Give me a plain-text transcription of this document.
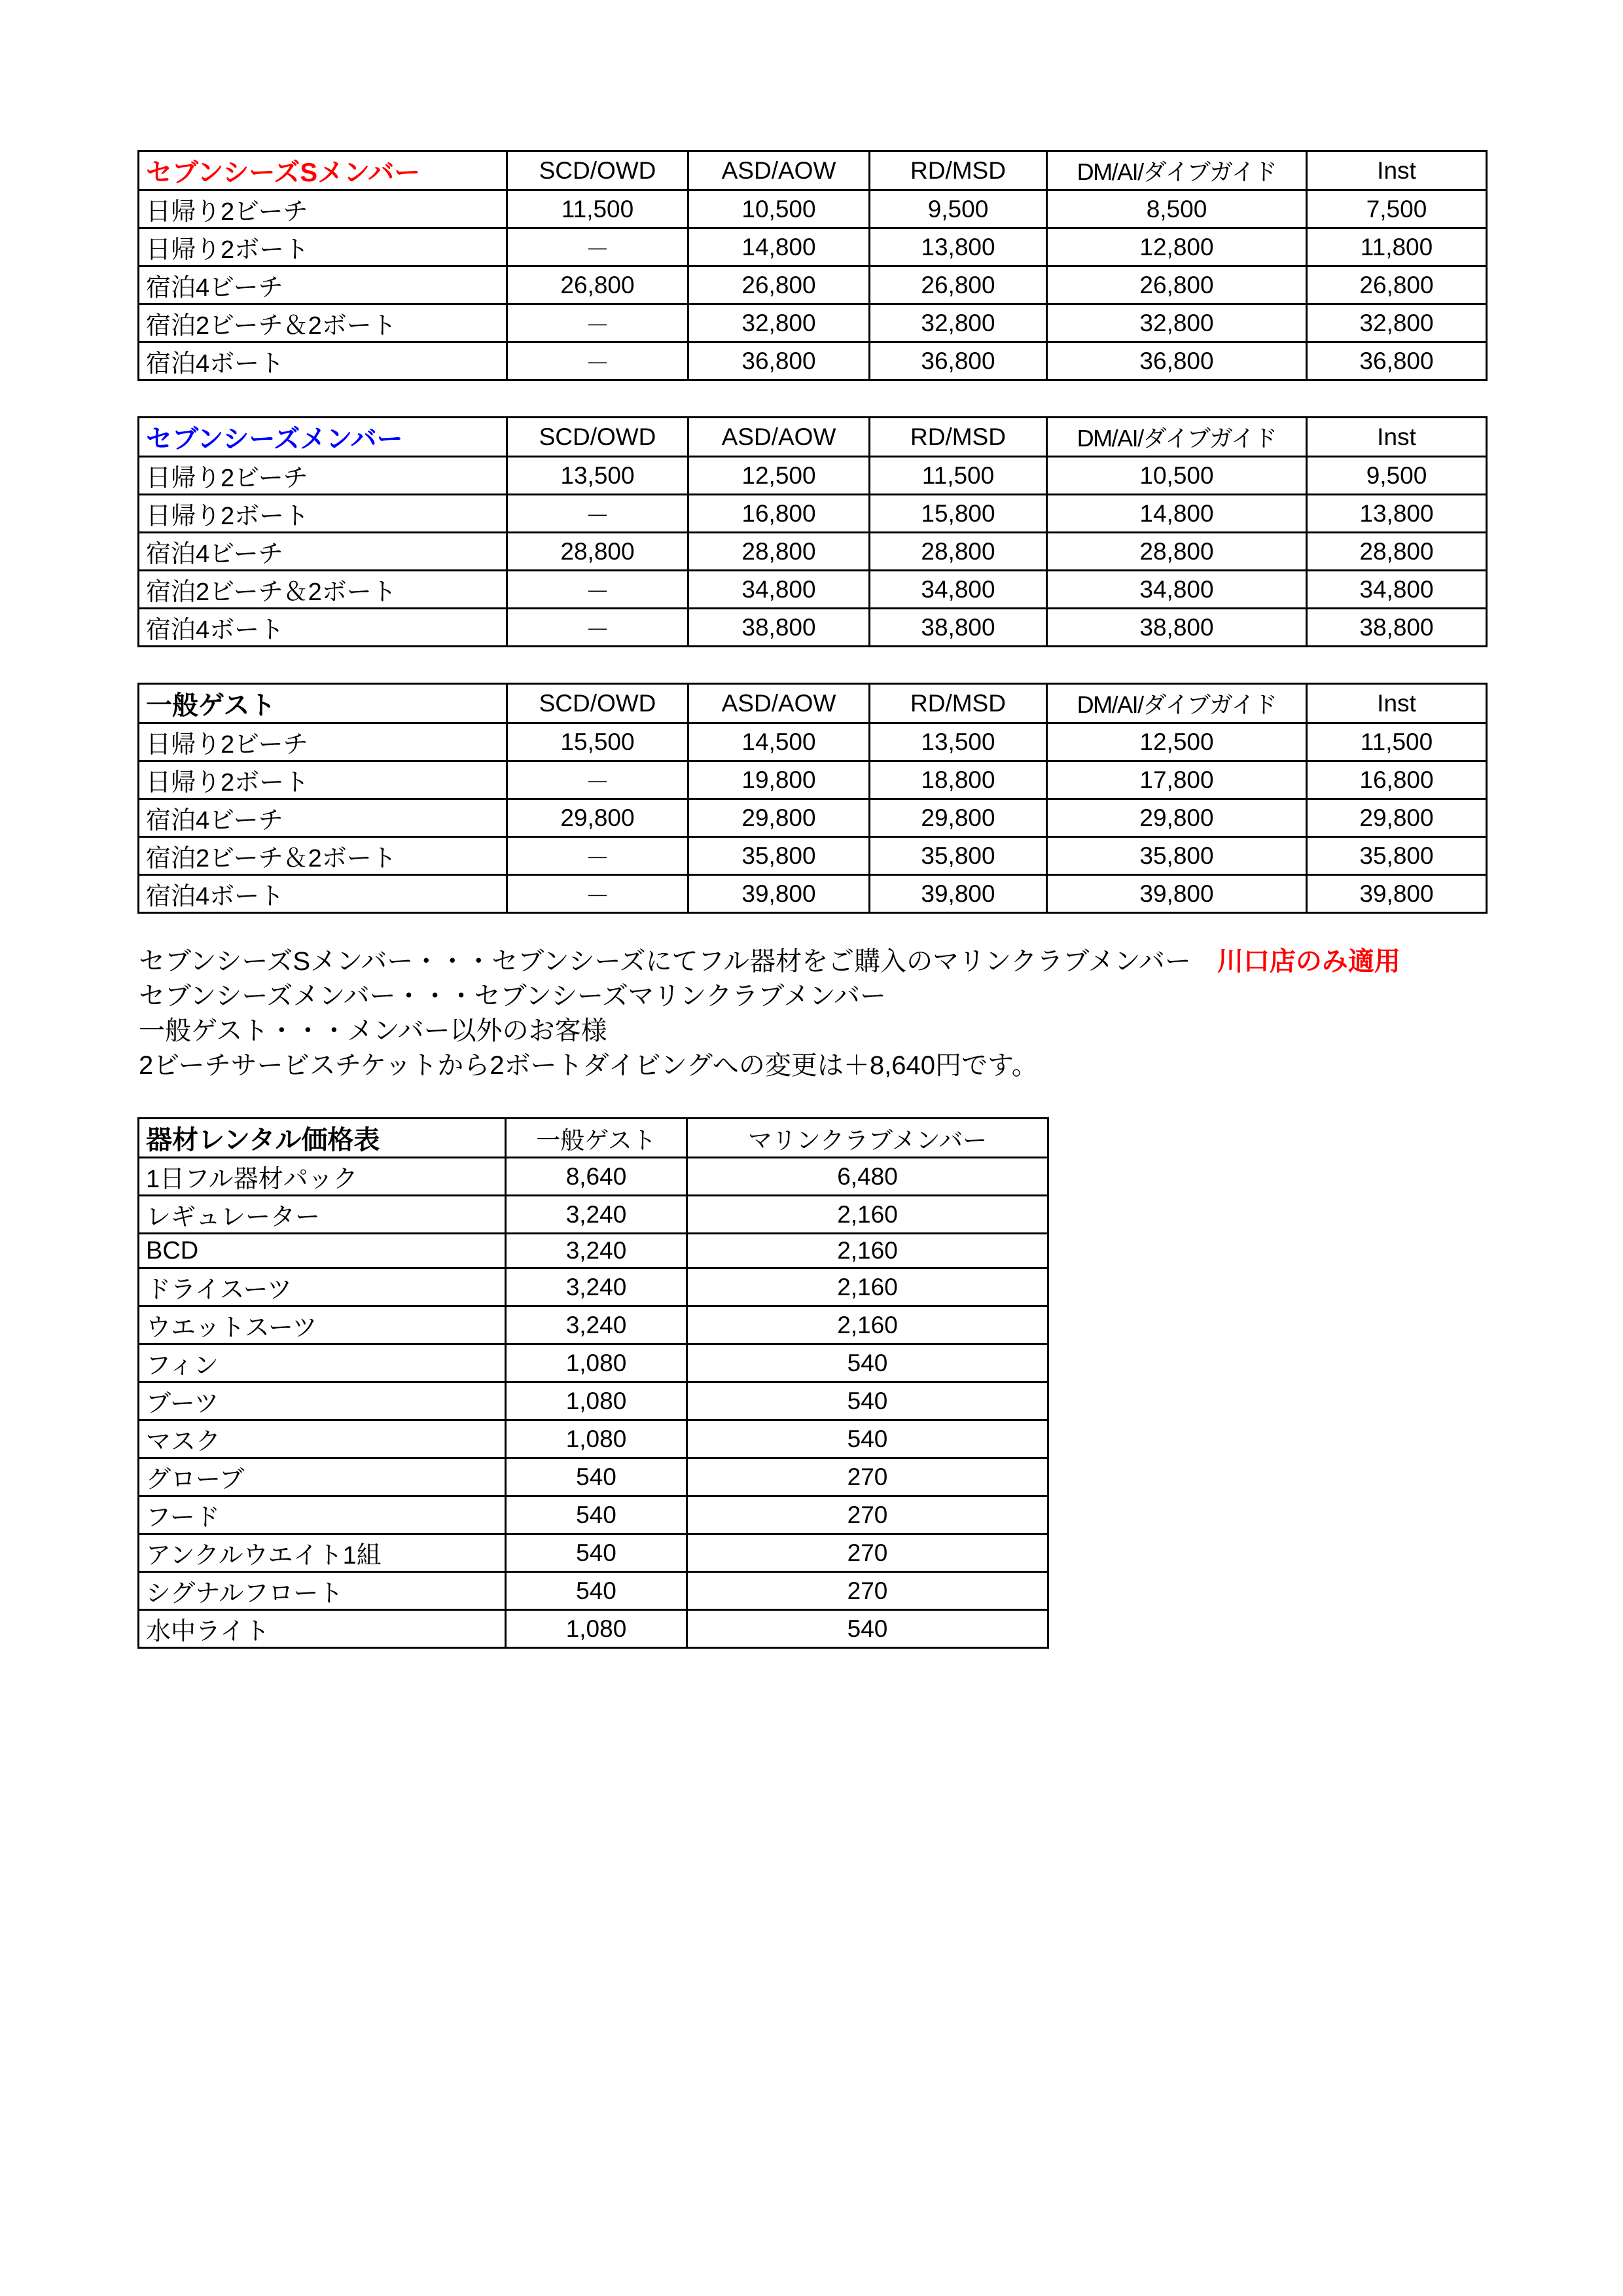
セブンシーズSメンバー	SCD/OWD	ASD/AOW	RD/MSD	DM/AI/ダイブガイド	Inst
日帰り2ビーチ	11,500	10,500	9,500	8,500	7,500
日帰り2ボート	－	14,800	13,800	12,800	11,800
宿泊4ビーチ	26,800	26,800	26,800	26,800	26,800
宿泊2ビーチ＆2ボート	－	32,800	32,800	32,800	32,800
宿泊4ボート	－	36,800	36,800	36,800	36,800
セブンシーズメンバー	SCD/OWD	ASD/AOW	RD/MSD	DM/AI/ダイブガイド	Inst
日帰り2ビーチ	13,500	12,500	11,500	10,500	9,500
日帰り2ボート	－	16,800	15,800	14,800	13,800
宿泊4ビーチ	28,800	28,800	28,800	28,800	28,800
宿泊2ビーチ＆2ボート	－	34,800	34,800	34,800	34,800
宿泊4ボート	－	38,800	38,800	38,800	38,800
一般ゲスト	SCD/OWD	ASD/AOW	RD/MSD	DM/AI/ダイブガイド	Inst
日帰り2ビーチ	15,500	14,500	13,500	12,500	11,500
日帰り2ボート	－	19,800	18,800	17,800	16,800
宿泊4ビーチ	29,800	29,800	29,800	29,800	29,800
宿泊2ビーチ＆2ボート	－	35,800	35,800	35,800	35,800
宿泊4ボート	－	39,800	39,800	39,800	39,800
セブンシーズSメンバー・・・セブンシーズにてフル器材をご購入のマリンクラブメンバー　川口店のみ適用
セブンシーズメンバー・・・セブンシーズマリンクラブメンバー
一般ゲスト・・・メンバー以外のお客様
2ビーチサービスチケットから2ボートダイビングへの変更は＋8,640円です。
器材レンタル価格表	一般ゲスト	マリンクラブメンバー
1日フル器材パック	8,640	6,480
レギュレーター	3,240	2,160
BCD	3,240	2,160
ドライスーツ	3,240	2,160
ウエットスーツ	3,240	2,160
フィン	1,080	540
ブーツ	1,080	540
マスク	1,080	540
グローブ	540	270
フード	540	270
アンクルウエイト1組	540	270
シグナルフロート	540	270
水中ライト	1,080	540
